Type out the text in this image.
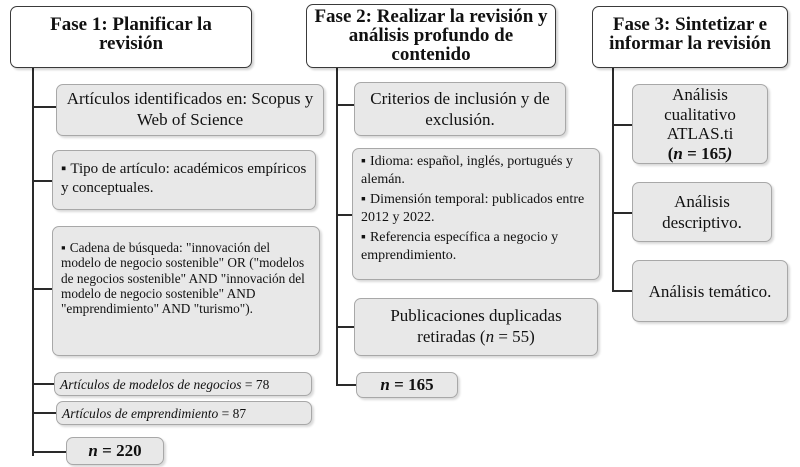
Fase 1: Planificar la revisión
Artículos identificados en: Scopus y Web of Science
▪ Tipo de artículo: académicos empíricos y conceptuales.
▪ Cadena de búsqueda: "innovación del modelo de negocio sostenible" OR ("modelos de negocios sostenible" AND "innovación del modelo de negocio sostenible" AND "emprendimiento" AND "turismo").
Artículos de modelos de negocios = 78
Artículos de emprendimiento = 87
n = 220
Fase 2: Realizar la revisión y análisis profundo de contenido
Criterios de inclusión y de exclusión.
▪ Idioma: español, inglés, portugués y alemán.
▪ Dimensión temporal: publicados entre 2012 y 2022.
▪ Referencia específica a negocio y emprendimiento.
Publicaciones duplicadas retiradas (n = 55)
n = 165
Fase 3: Sintetizar e informar la revisión
Análisis cualitativo ATLAS.ti
(n = 165)
Análisis descriptivo.
Análisis temático.
